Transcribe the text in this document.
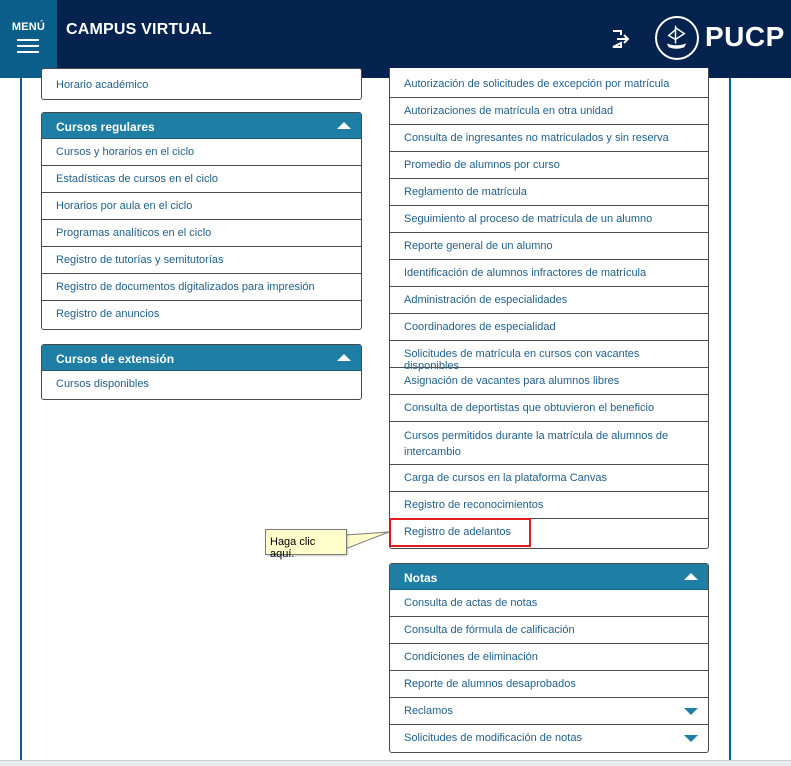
MENÚ	CAMPUS VIRTUAL	PUCP
Horario académico
Cursos regulares
Cursos y horarios en el ciclo
Estadísticas de cursos en el ciclo
Horarios por aula en el ciclo
Programas analíticos en el ciclo
Registro de tutorías y semitutorías
Registro de documentos digitalizados para impresión
Registro de anuncios
Cursos de extensión
Cursos disponibles
Autorización de solicitudes de excepción por matrícula
Autorizaciones de matrícula en otra unidad
Consulta de ingresantes no matriculados y sin reserva
Promedio de alumnos por curso
Reglamento de matrícula
Seguimiento al proceso de matrícula de un alumno
Reporte general de un alumno
Identificación de alumnos infractores de matrícula
Administración de especialidades
Coordinadores de especialidad
Solicitudes de matrícula en cursos con vacantes disponibles
Asignación de vacantes para alumnos libres
Consulta de deportistas que obtuvieron el beneficio
Cursos permitidos durante la matrícula de alumnos de intercambio
Carga de cursos en la plataforma Canvas
Registro de reconocimientos
Registro de adelantos
Notas
Consulta de actas de notas
Consulta de fórmula de calificación
Condiciones de eliminación
Reporte de alumnos desaprobados
Reclamos
Solicitudes de modificación de notas
Haga clic aquí.
